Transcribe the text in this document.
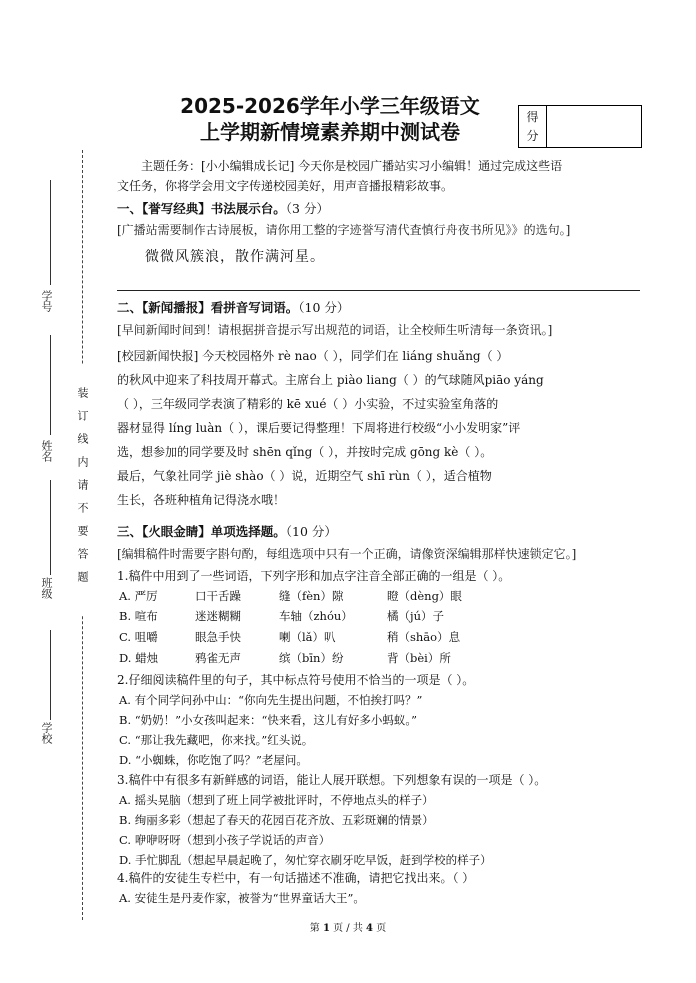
2025-2026学年小学三年级语文
上学期新情境素养期中测试卷
得
分
学号
姓名
班级
学校
装订线内请不要答题
主题任务：[小小编辑成长记] 今天你是校园广播站实习小编辑！通过完成这些语
文任务，你将学会用文字传递校园美好，用声音播报精彩故事。
一、【誉写经典】书法展示台。（3 分）
[广播站需要制作古诗展板，请你用工整的字迹誉写清代査慎行舟夜书所见》》的选句。]
微微风簇浪，散作满河星。
二、【新闻播报】看拼音写词语。（10 分）
[早间新闻时间到！请根据拼音提示写出规范的词语，让全校师生听清每一条资讯。]
[校园新闻快报] 今天校园格外 rè nao（ ），同学们在 liáng shuǎng（ ）
的秋风中迎来了科技周开幕式。主席台上 piào liang（ ）的气球随风piāo yáng
（ ），三年级同学表演了精彩的 kē xué（ ）小实验，不过实验室角落的
器材显得 líng luàn（ ），课后要记得整理！下周将进行校级“小小发明家”评
选，想参加的同学要及时 shēn qǐng（ ），并按时完成 gōng kè（ ）。
最后，气象社同学 jiè shào（ ）说，近期空气 shī rùn（ ），适合植物
生长，各班种植角记得浇水哦！
三、【火眼金睛】单项选择题。（10 分）
[编辑稿件时需要字斟句酌，每组选项中只有一个正确，请像资深编辑那样快速锁定它。]
1.稿件中用到了一些词语，下列字形和加点字注音全部正确的一组是（ ）。
A. 严厉	口干舌躁	缝（fèn）隙	瞪（dèng）眼
B. 喧布	迷迷糊糊	车轴（zhóu）	橘（jú）子
C. 咀嚼	眼急手快	喇（lǎ）叭	稍（shāo）息
D. 蜡烛	鸦雀无声	缤（bīn）纷	背（bèi）所
2.仔细阅读稿件里的句子，其中标点符号使用不恰当的一项是（ ）。
A. 有个同学问孙中山：“你向先生提出问题，不怕挨打吗？”
B. “奶奶！”小女孩叫起来：“快来看，这儿有好多小蚂蚁。”
C. “那让我先藏吧，你来找。”红头说。
D. “小蜘蛛，你吃饱了吗？”老屋问。
3.稿件中有很多有新鲜感的词语，能让人展开联想。下列想象有误的一项是（ ）。
A. 摇头晃脑（想到了班上同学被批评时，不停地点头的样子）
B. 绚丽多彩（想起了春天的花园百花齐放、五彩斑斓的情景）
C. 咿咿呀呀（想到小孩子学说话的声音）
D. 手忙脚乱（想起早晨起晚了，匆忙穿衣刷牙吃早饭，赶到学校的样子）
4.稿件的安徒生专栏中，有一句话描述不准确，请把它找出来。（ ）
A. 安徒生是丹麦作家，被誉为“世界童话大王”。
第 1 页 / 共 4 页
